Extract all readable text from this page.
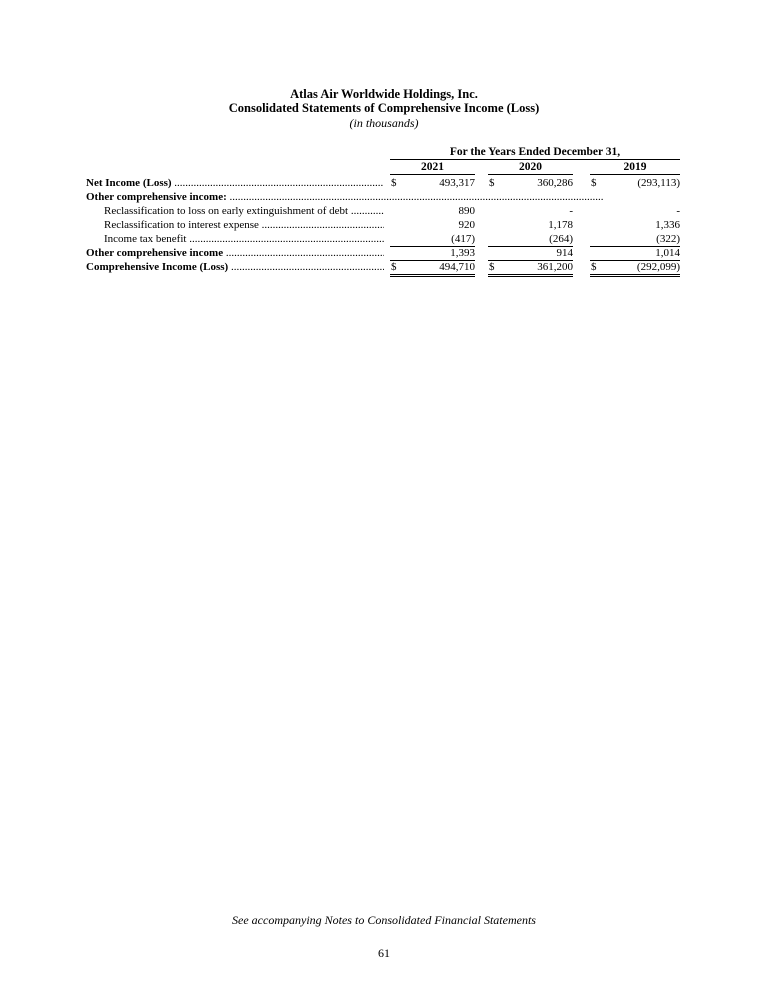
Atlas Air Worldwide Holdings, Inc.
Consolidated Statements of Comprehensive Income (Loss)
(in thousands)
For the Years Ended December 31,
2021	2020	2019
Net Income (Loss) .....	$	493,317 $	360,286 $	(293,113)
Other comprehensive income: .....
Reclassification to loss on early extinguishment of debt .....	890	-	-
Reclassification to interest expense .....	920	1,178	1,336
Income tax benefit .....	(417)	(264)	(322)
Other comprehensive income .....	1,393	914	1,014
Comprehensive Income (Loss) .....	$	494,710 $	361,200 $	(292,099)
See accompanying Notes to Consolidated Financial Statements
61
